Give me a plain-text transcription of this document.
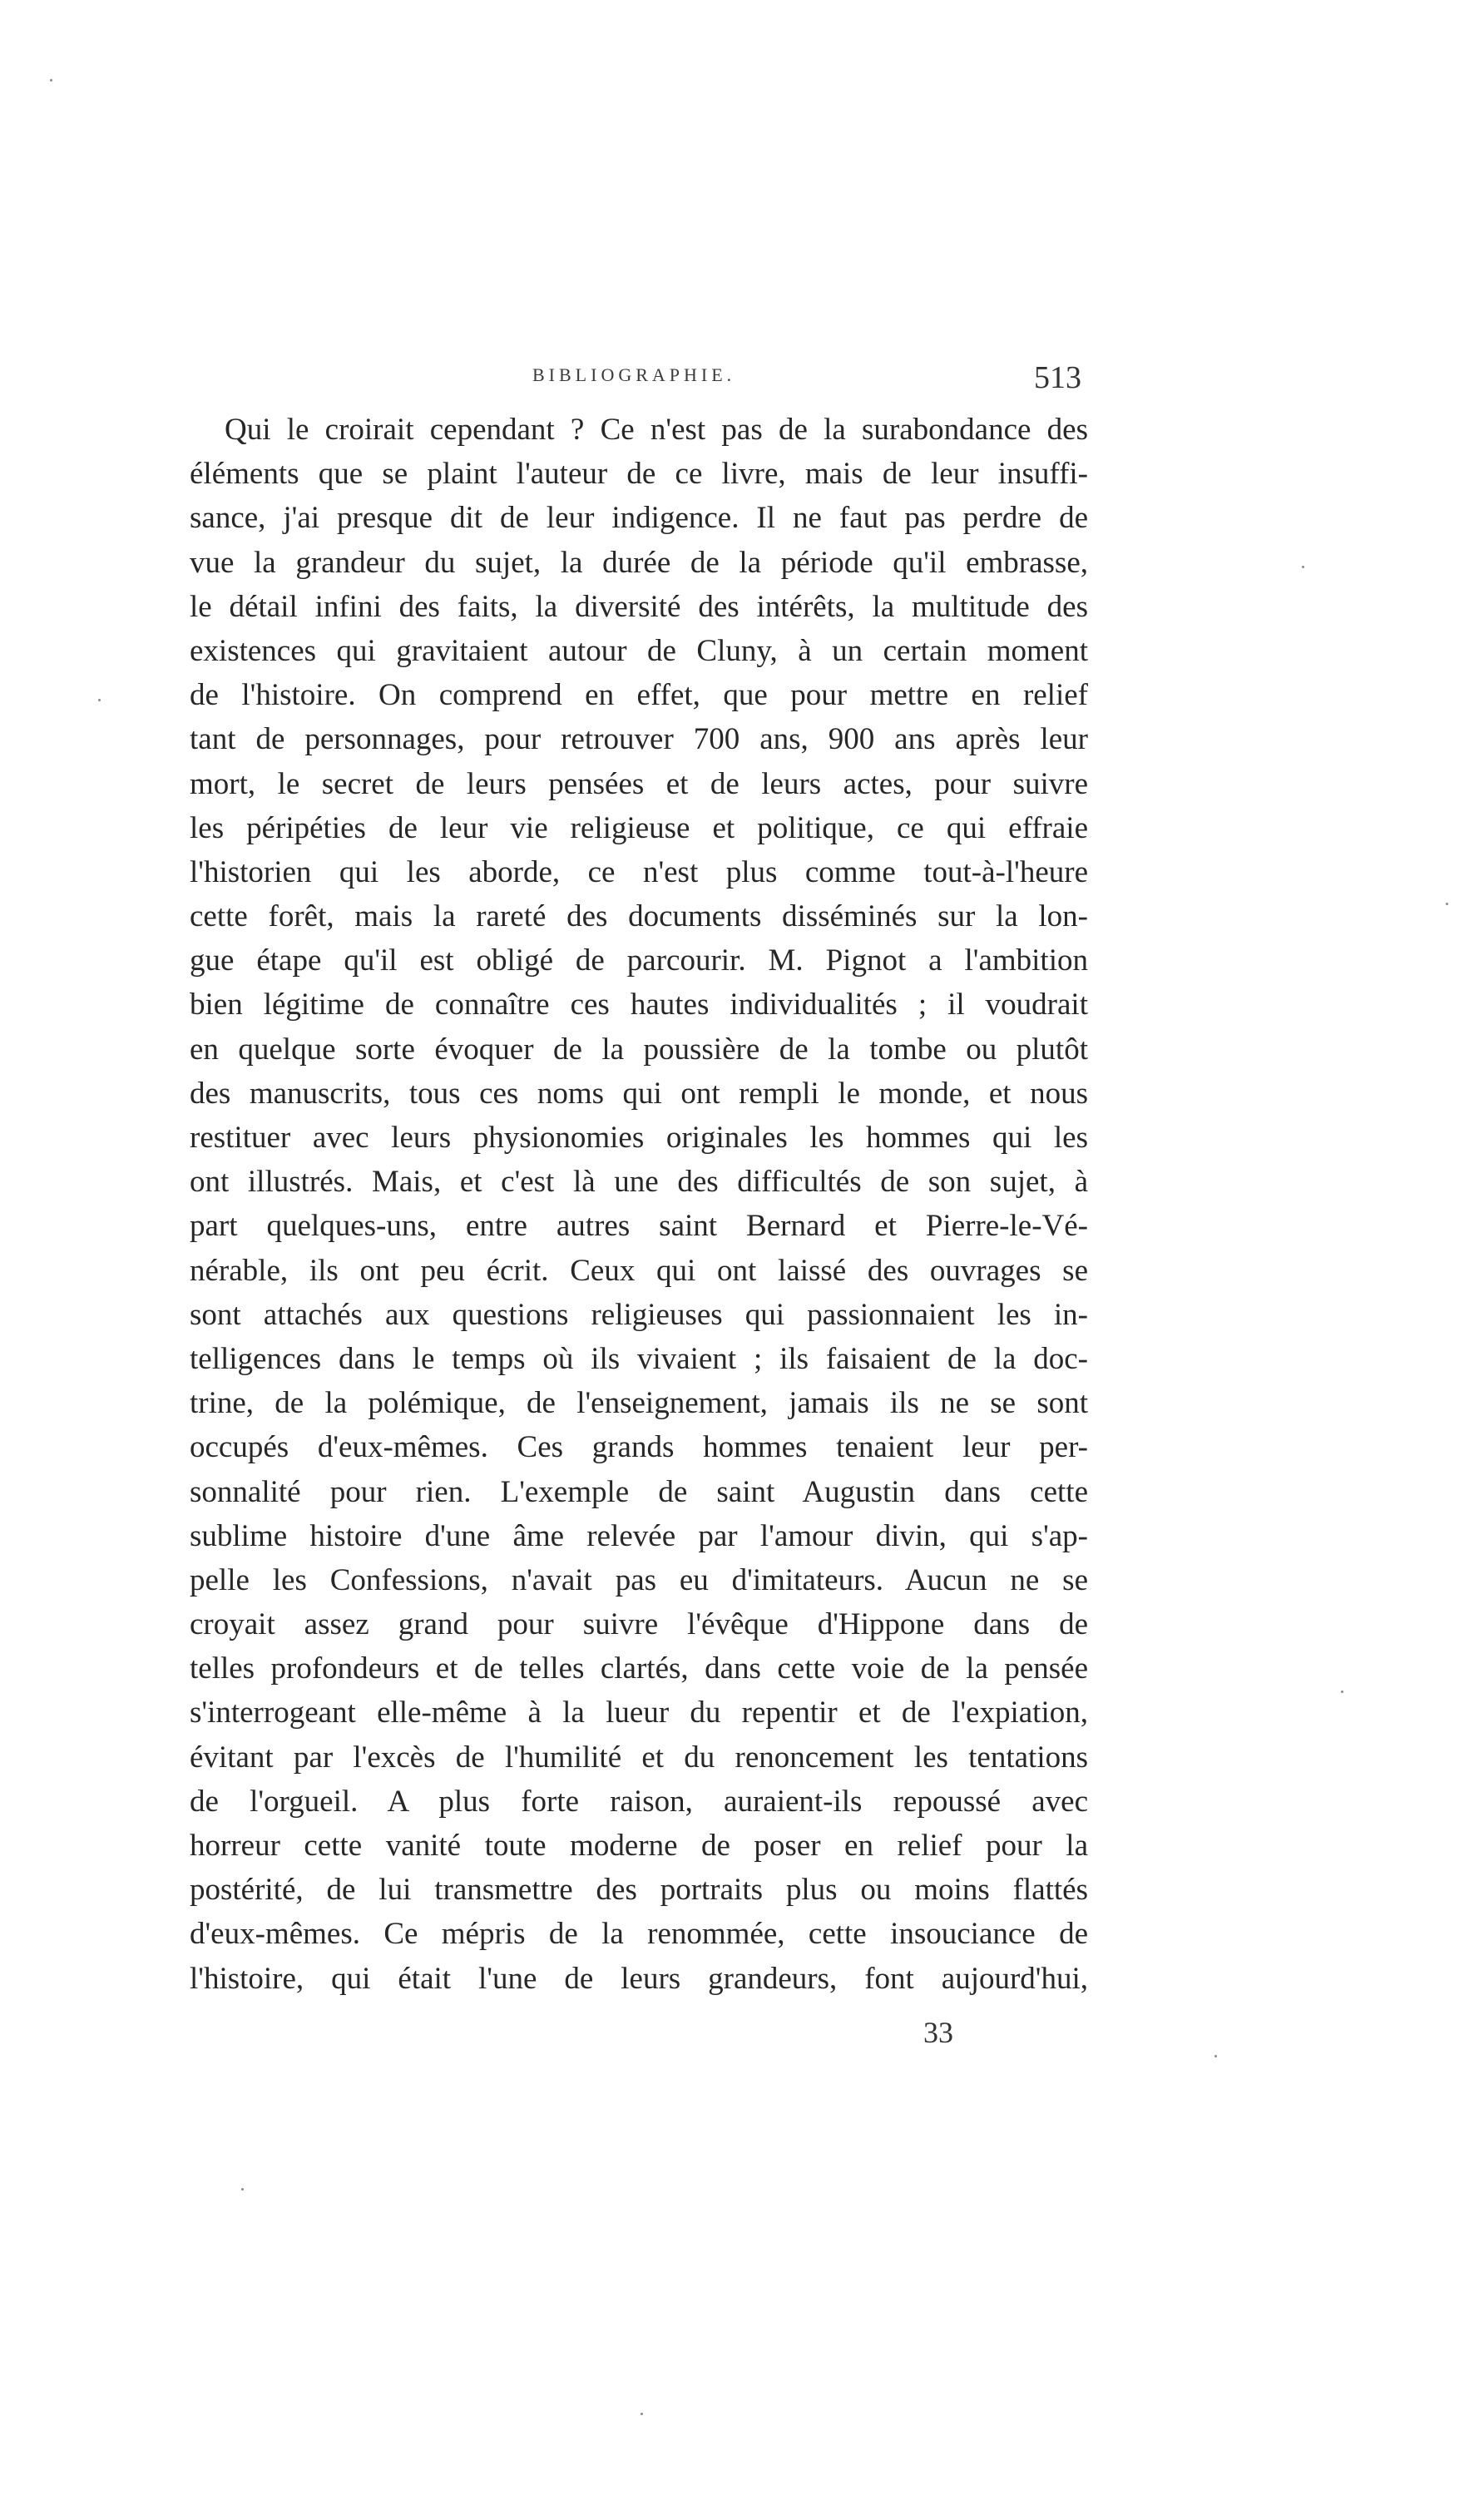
BIBLIOGRAPHIE.	513
Qui le croirait cependant ? Ce n'est pas de la surabondance des
éléments que se plaint l'auteur de ce livre, mais de leur insuffi-
sance, j'ai presque dit de leur indigence. Il ne faut pas perdre de
vue la grandeur du sujet, la durée de la période qu'il embrasse,
le détail infini des faits, la diversité des intérêts, la multitude des
existences qui gravitaient autour de Cluny, à un certain moment
de l'histoire. On comprend en effet, que pour mettre en relief
tant de personnages, pour retrouver 700 ans, 900 ans après leur
mort, le secret de leurs pensées et de leurs actes, pour suivre
les péripéties de leur vie religieuse et politique, ce qui effraie
l'historien qui les aborde, ce n'est plus comme tout-à-l'heure
cette forêt, mais la rareté des documents disséminés sur la lon-
gue étape qu'il est obligé de parcourir. M. Pignot a l'ambition
bien légitime de connaître ces hautes individualités ; il voudrait
en quelque sorte évoquer de la poussière de la tombe ou plutôt
des manuscrits, tous ces noms qui ont rempli le monde, et nous
restituer avec leurs physionomies originales les hommes qui les
ont illustrés. Mais, et c'est là une des difficultés de son sujet, à
part quelques-uns, entre autres saint Bernard et Pierre-le-Vé-
nérable, ils ont peu écrit. Ceux qui ont laissé des ouvrages se
sont attachés aux questions religieuses qui passionnaient les in-
telligences dans le temps où ils vivaient ; ils faisaient de la doc-
trine, de la polémique, de l'enseignement, jamais ils ne se sont
occupés d'eux-mêmes. Ces grands hommes tenaient leur per-
sonnalité pour rien. L'exemple de saint Augustin dans cette
sublime histoire d'une âme relevée par l'amour divin, qui s'ap-
pelle les Confessions, n'avait pas eu d'imitateurs. Aucun ne se
croyait assez grand pour suivre l'évêque d'Hippone dans de
telles profondeurs et de telles clartés, dans cette voie de la pensée
s'interrogeant elle-même à la lueur du repentir et de l'expiation,
évitant par l'excès de l'humilité et du renoncement les tentations
de l'orgueil. A plus forte raison, auraient-ils repoussé avec
horreur cette vanité toute moderne de poser en relief pour la
postérité, de lui transmettre des portraits plus ou moins flattés
d'eux-mêmes. Ce mépris de la renommée, cette insouciance de
l'histoire, qui était l'une de leurs grandeurs, font aujourd'hui,
33
